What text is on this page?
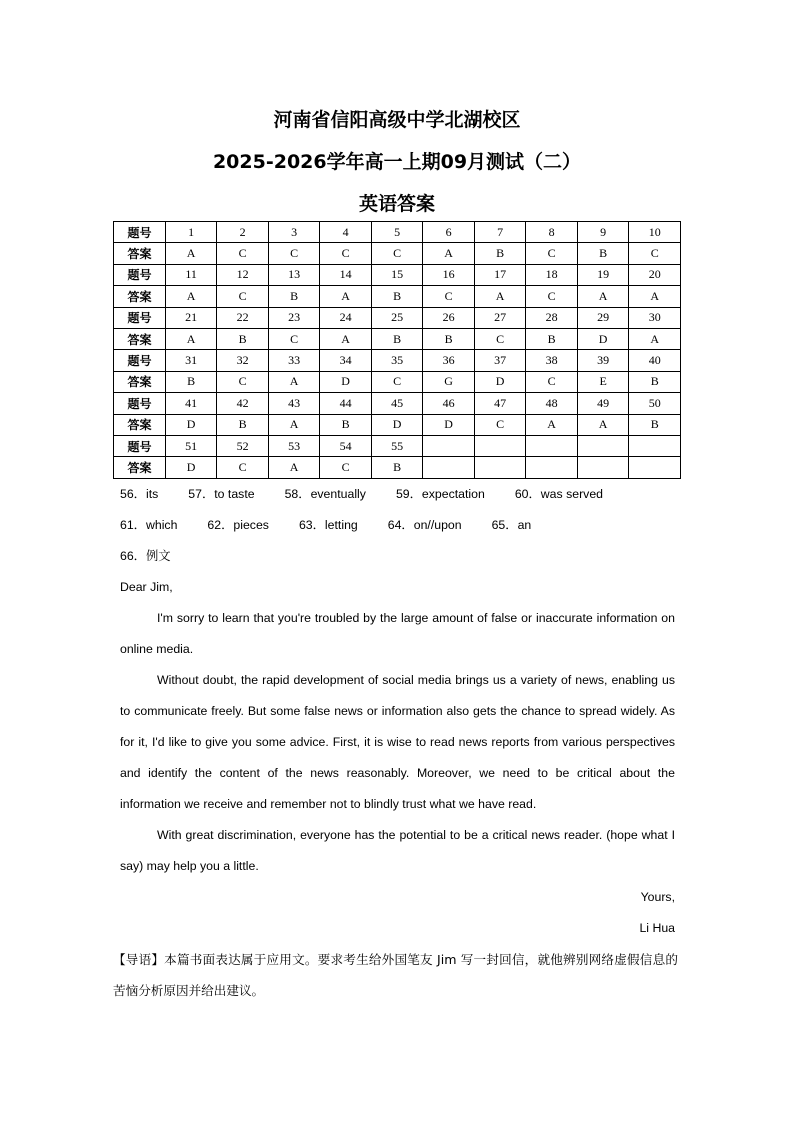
河南省信阳高级中学北湖校区
2025-2026学年高一上期09月测试（二）
英语答案
题号	1	2	3	4	5	6	7	8	9	10
答案	A	C	C	C	C	A	B	C	B	C
题号	11	12	13	14	15	16	17	18	19	20
答案	A	C	B	A	B	C	A	C	A	A
题号	21	22	23	24	25	26	27	28	29	30
答案	A	B	C	A	B	B	C	B	D	A
题号	31	32	33	34	35	36	37	38	39	40
答案	B	C	A	D	C	G	D	C	E	B
题号	41	42	43	44	45	46	47	48	49	50
答案	D	B	A	B	D	D	C	A	A	B
题号	51	52	53	54	55					
答案	D	C	A	C	B					
56．its 57．to taste 58．eventually 59．expectation 60．was served
61．which 62．pieces 63．letting 64．on//upon 65．an
66．例文
Dear Jim,
I'm sorry to learn that you're troubled by the large amount of false or inaccurate information on online media.
Without doubt, the rapid development of social media brings us a variety of news, enabling us to communicate freely. But some false news or information also gets the chance to spread widely. As for it, I'd like to give you some advice. First, it is wise to read news reports from various perspectives and identify the content of the news reasonably. Moreover, we need to be critical about the information we receive and remember not to blindly trust what we have read.
With great discrimination, everyone has the potential to be a critical news reader. (hope what I say) may help you a little.
Yours,
Li Hua
【导语】本篇书面表达属于应用文。要求考生给外国笔友 Jim 写一封回信，就他辨别网络虚假信息的苦恼分析原因并给出建议。
